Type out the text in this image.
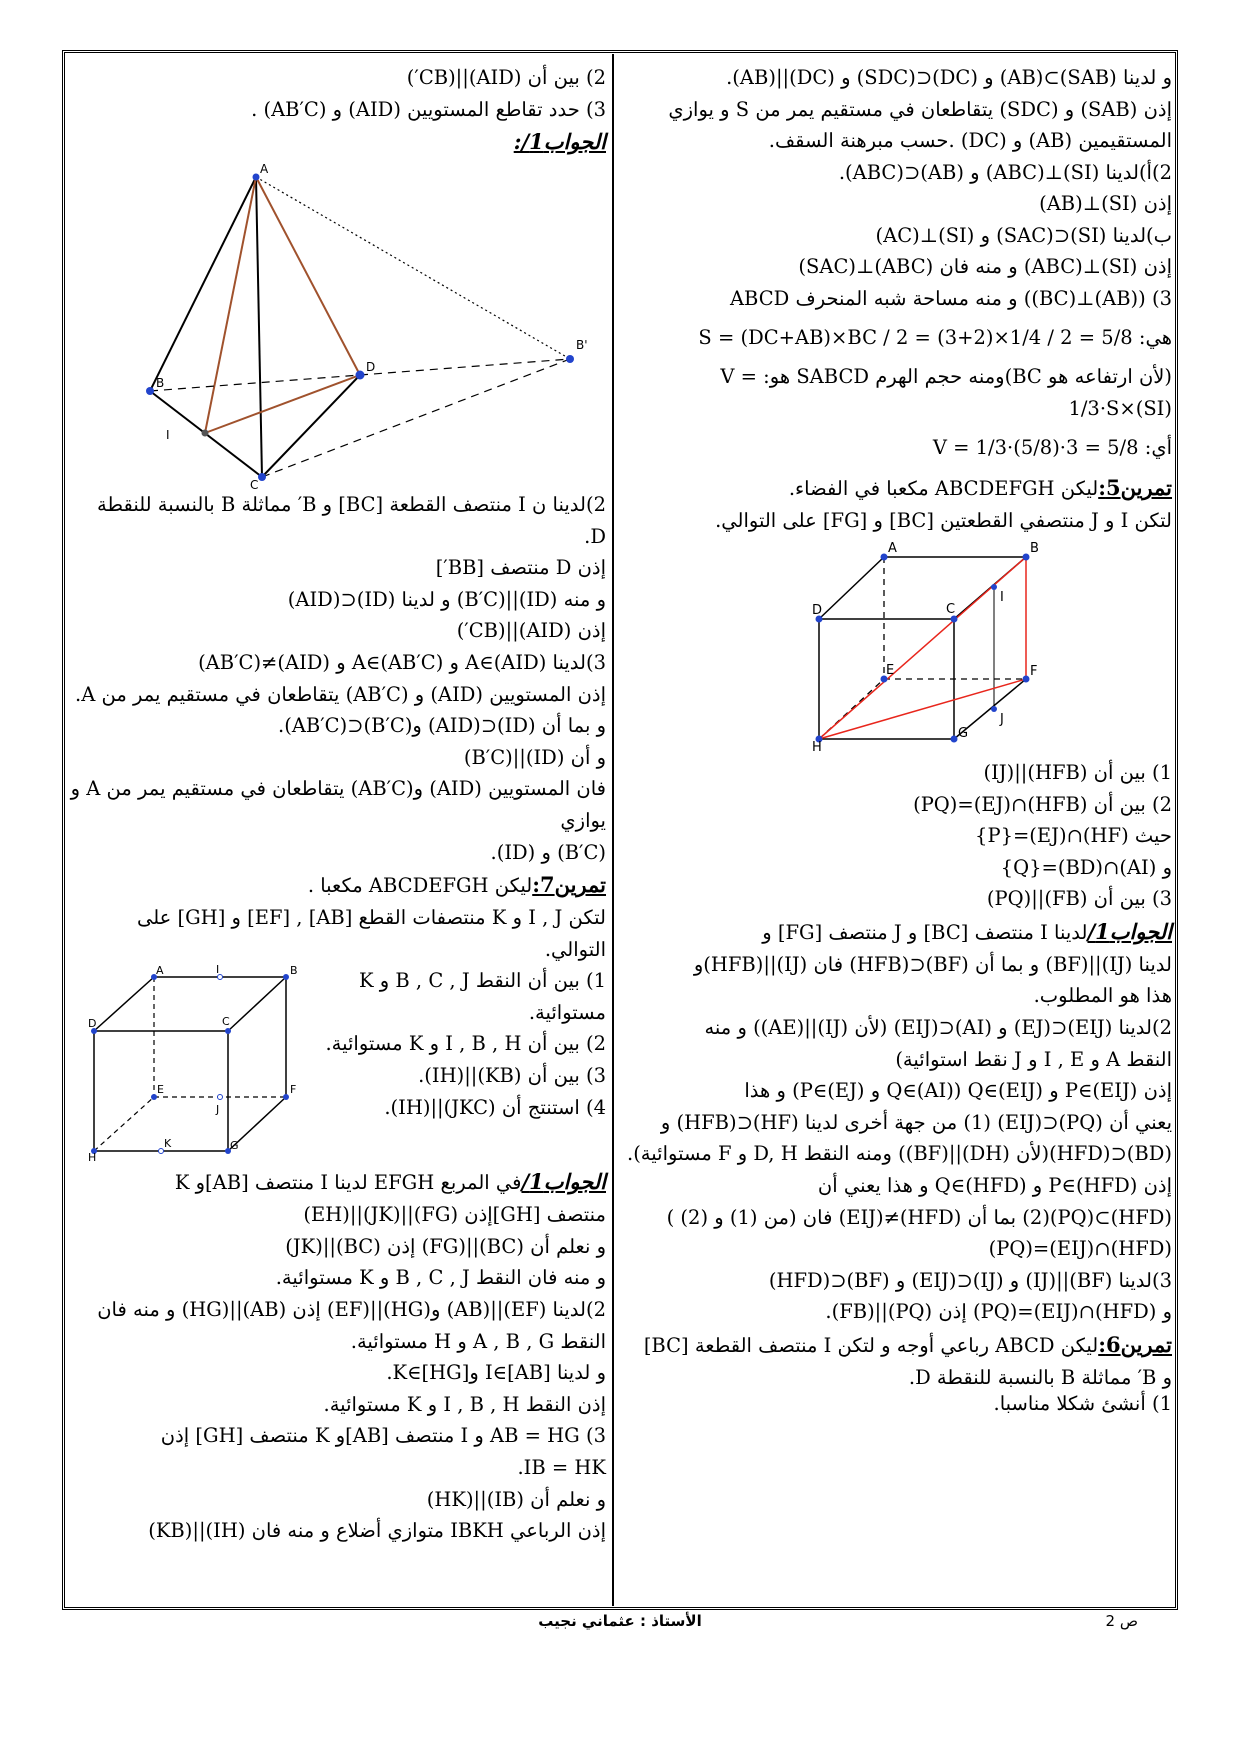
و لدينا (SAB)⊃(AB) و (DC)⊂(SDC) و (DC)||(AB).

إذن (SAB) و (SDC) يتقاطعان في مستقيم يمر من S و يوازي

المستقيمين (AB) و (DC) .حسب مبرهنة السقف.

2)أ)لدينا (SI)⊥(ABC) و (AB)⊂(ABC).

إذن (SI)⊥(AB)

ب)لدينا (SI)⊂(SAC) و (SI)⊥(AC)

إذن (SI)⊥(ABC) و منه فان (ABC)⊥(SAC)

3) ((AB)⊥(BC)) و منه مساحة شبه المنحرف ABCD

هي: S = (DC+AB)×BC / 2 = (3+2)×1/4 / 2 = 5/8

(لأن ارتفاعه هو BC)ومنه حجم الهرم SABCD هو: V = 1/3·S×(SI)

أي: V = 1/3·(5/8)·3 = 5/8

تمرين5:ليكن ABCDEFGH مكعبا في الفضاء.

لتكن I و J منتصفي القطعتين [BC] و [FG] على التوالي.

A	B
C
D
E	F
G
H
I
J

1) بين أن (HFB)||(IJ)

2) بين أن (HFB)∩(EJ)=(PQ)

حيث (HF)∩(EJ)={P}

و (AI)∩(BD)={Q}

3) بين أن (FB)||(PQ)

الجواب1/لدينا I منتصف [BC] و J منتصف [FG] و

لدينا (IJ)||(BF) و بما أن (BF)⊂(HFB) فان (IJ)||(HFB)و

هذا هو المطلوب.

2)لدينا (EIJ)⊂(EJ) و (AI)⊂(EIJ) (لأن (IJ)||(AE)) و منه

النقط A و I , E و J نقط استوائية)

إذن P∈(EIJ) و Q∈(EIJ) (Q∈(AI) و P∈(EJ)) و هذا

يعني أن (PQ)⊂(EIJ) (1) من جهة أخرى لدينا (HF)⊂(HFB) و

(BD)⊂(HFD)(لأن (DH)||(BF)) ومنه النقط D, H و F مستوائية).

إذن P∈(HFD) و Q∈(HFD) و هذا يعني أن

(HFD)⊃(PQ)(2) بما أن (HFD)≠(EIJ) فان (من (1) و (2) )

(HFD)∩(EIJ)=(PQ)

3)لدينا (BF)||(IJ) و (IJ)⊂(EIJ) و (BF)⊂(HFD)

و (HFD)∩(EIJ)=(PQ) إذن (PQ)||(FB).

تمرين6:ليكن ABCD رباعي أوجه و لتكن I منتصف القطعة [BC]

و B′ مماثلة B بالنسبة للنقطة D.

1) أنشئ شكلا مناسبا.

2) بين أن (AID)||(CB′)

3) حدد تقاطع المستويين (AID) و (AB′C) .

الجواب1/:

A
B
C
D
B'
I

2)لدينا ن I منتصف القطعة [BC] و B′ مماثلة B بالنسبة للنقطة D.

إذن D منتصف [BB′]

و منه (ID)||(B′C) و لدينا (ID)⊂(AID)

إذن (AID)||(CB′)

3)لدينا A∈(AID) و A∈(AB′C) و (AID)≠(AB′C)

إذن المستويين (AID) و (AB′C) يتقاطعان في مستقيم يمر من A.

و بما أن (ID)⊂(AID) و(B′C)⊂(AB′C).

و أن (ID)||(B′C)

فان المستويين (AID) و(AB′C) يتقاطعان في مستقيم يمر من A و يوازي

(B′C) و (ID).

تمرين7:ليكن ABCDEFGH مكعبا .

لتكن I , J و K منتصفات القطع [AB] , [EF] و [GH] على التوالي.

1) بين أن النقط B , C , J و K مستوائية.

2) بين أن I , B , H و K مستوائية.

3) بين أن (KB)||(IH).

4) استنتج أن (JKC)||(IH).

A	B
C
D
E	F
G
H
I
J
K

الجواب1/في المربع EFGH لدينا I منتصف [AB]و K

منتصف [GH]إذن (FG)||(JK)||(EH)

و نعلم أن (BC)||(FG) إذن (BC)||(JK)

و منه فان النقط B , C , J و K مستوائية.

2)لدينا (EF)||(AB) و(HG)||(EF) إذن (AB)||(HG) و منه فان

النقط A , B , G و H مستوائية.

و لدينا I∈[AB] وK∈[HG].

إذن النقط I , B , H و K مستوائية.

3) AB = HG و I منتصف [AB]و K منتصف [GH] إذن

IB = HK.

و نعلم أن (IB)||(HK)

إذن الرباعي IBKH متوازي أضلاع و منه فان (IH)||(KB)

الأستاذ : عثماني نجيب	ص 2
